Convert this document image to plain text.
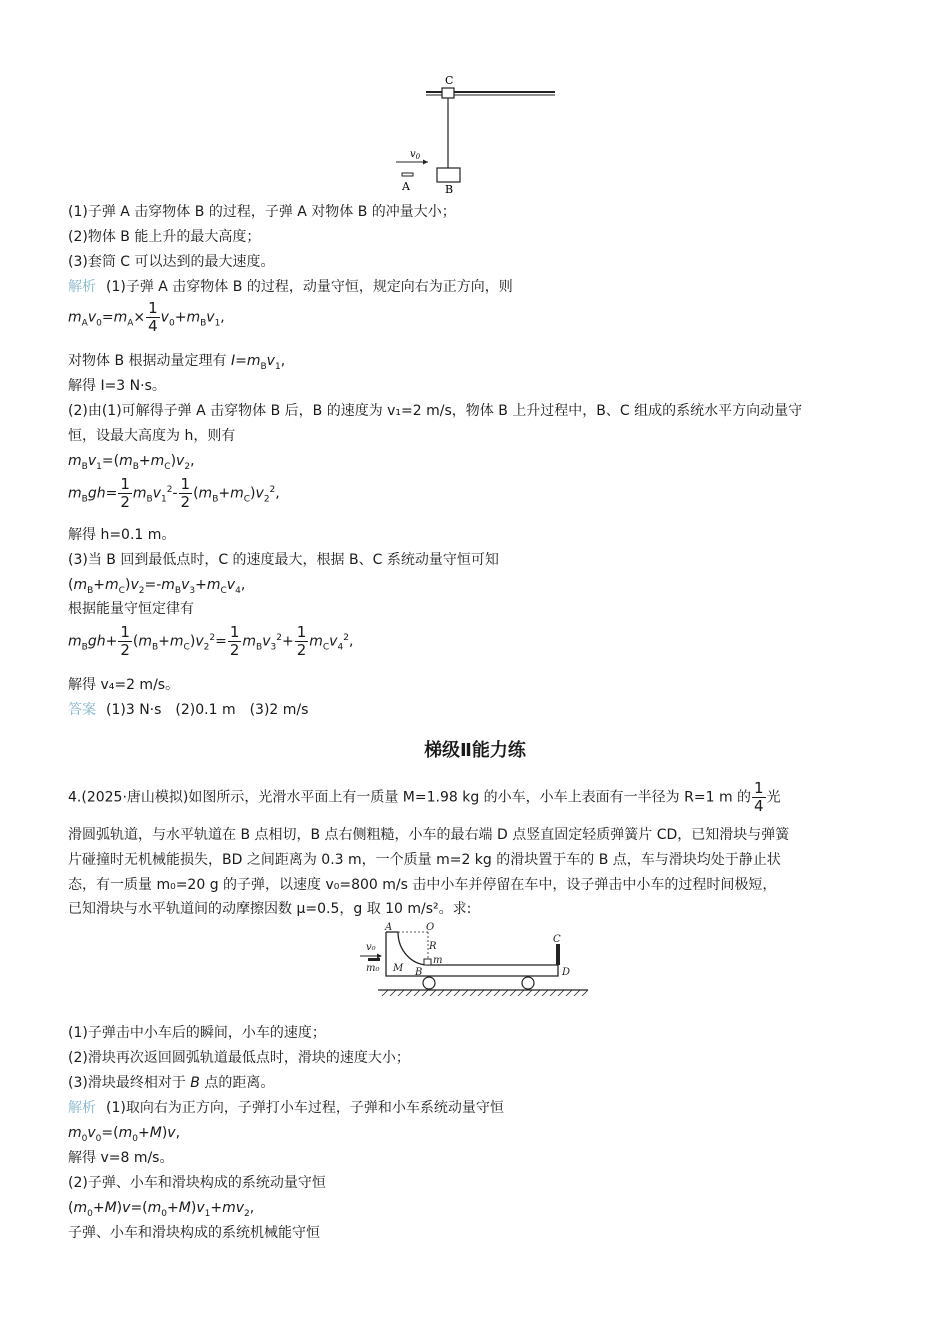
C
A	B
$v_0$
(1)子弹 A 击穿物体 B 的过程，子弹 A 对物体 B 的冲量大小；
(2)物体 B 能上升的最大高度；
(3)套筒 C 可以达到的最大速度。
解析 (1)子弹 A 击穿物体 B 的过程，动量守恒，规定向右为正方向，则
$m_Av_0=m_A\times \frac{1}{4} v_0+m_Bv_1$,
对物体 B 根据动量定理有 $I=m_Bv_1$,
解得 I=3 N·s。
(2)由(1)可解得子弹 A 击穿物体 B 后，B 的速度为 v₁=2 m/s，物体 B 上升过程中，B、C 组成的系统水平方向动量守
恒，设最大高度为 h，则有
$m_Bv_1=(m_B+m_C)v_2$,
$m_Bgh= \frac{1}{2} m_Bv_1^2- \frac{1}{2} (m_B+m_C)v_2^2$,
解得 h=0.1 m。
(3)当 B 回到最低点时，C 的速度最大，根据 B、C 系统动量守恒可知
$(m_B+m_C)v_2=-m_Bv_3+m_Cv_4$,
根据能量守恒定律有
$m_Bgh+ \frac{1}{2} (m_B+m_C)v_2^2= \frac{1}{2} m_Bv_3^2+ \frac{1}{2} m_Cv_4^2$,
解得 v₄=2 m/s。
答案 (1)3 N·s　(2)0.1 m　(3)2 m/s
梯级Ⅱ能力练
4.(2025·唐山模拟)如图所示，光滑水平面上有一质量 M=1.98 kg 的小车，小车上表面有一半径为 R=1 m 的 $\frac{1}{4}$ 光
滑圆弧轨道，与水平轨道在 B 点相切，B 点右侧粗糙，小车的最右端 D 点竖直固定轻质弹簧片 CD，已知滑块与弹簧
片碰撞时无机械能损失，BD 之间距离为 0.3 m，一个质量 m=2 kg 的滑块置于车的 B 点，车与滑块均处于静止状
态，有一质量 m₀=20 g 的子弹，以速度 v₀=800 m/s 击中小车并停留在车中，设子弹击中小车的过程时间极短，
已知滑块与水平轨道间的动摩擦因数 μ=0.5，g 取 10 m/s²。求:
A	O
R
m
M B
C
D
v₀
m₀
(1)子弹击中小车后的瞬间，小车的速度；
(2)滑块再次返回圆弧轨道最低点时，滑块的速度大小；
(3)滑块最终相对于 B 点的距离。
解析 (1)取向右为正方向，子弹打小车过程，子弹和小车系统动量守恒
$m_0v_0=(m_0+M)v$,
解得 v=8 m/s。
(2)子弹、小车和滑块构成的系统动量守恒
$(m_0+M)v=(m_0+M)v_1+mv_2$,
子弹、小车和滑块构成的系统机械能守恒
